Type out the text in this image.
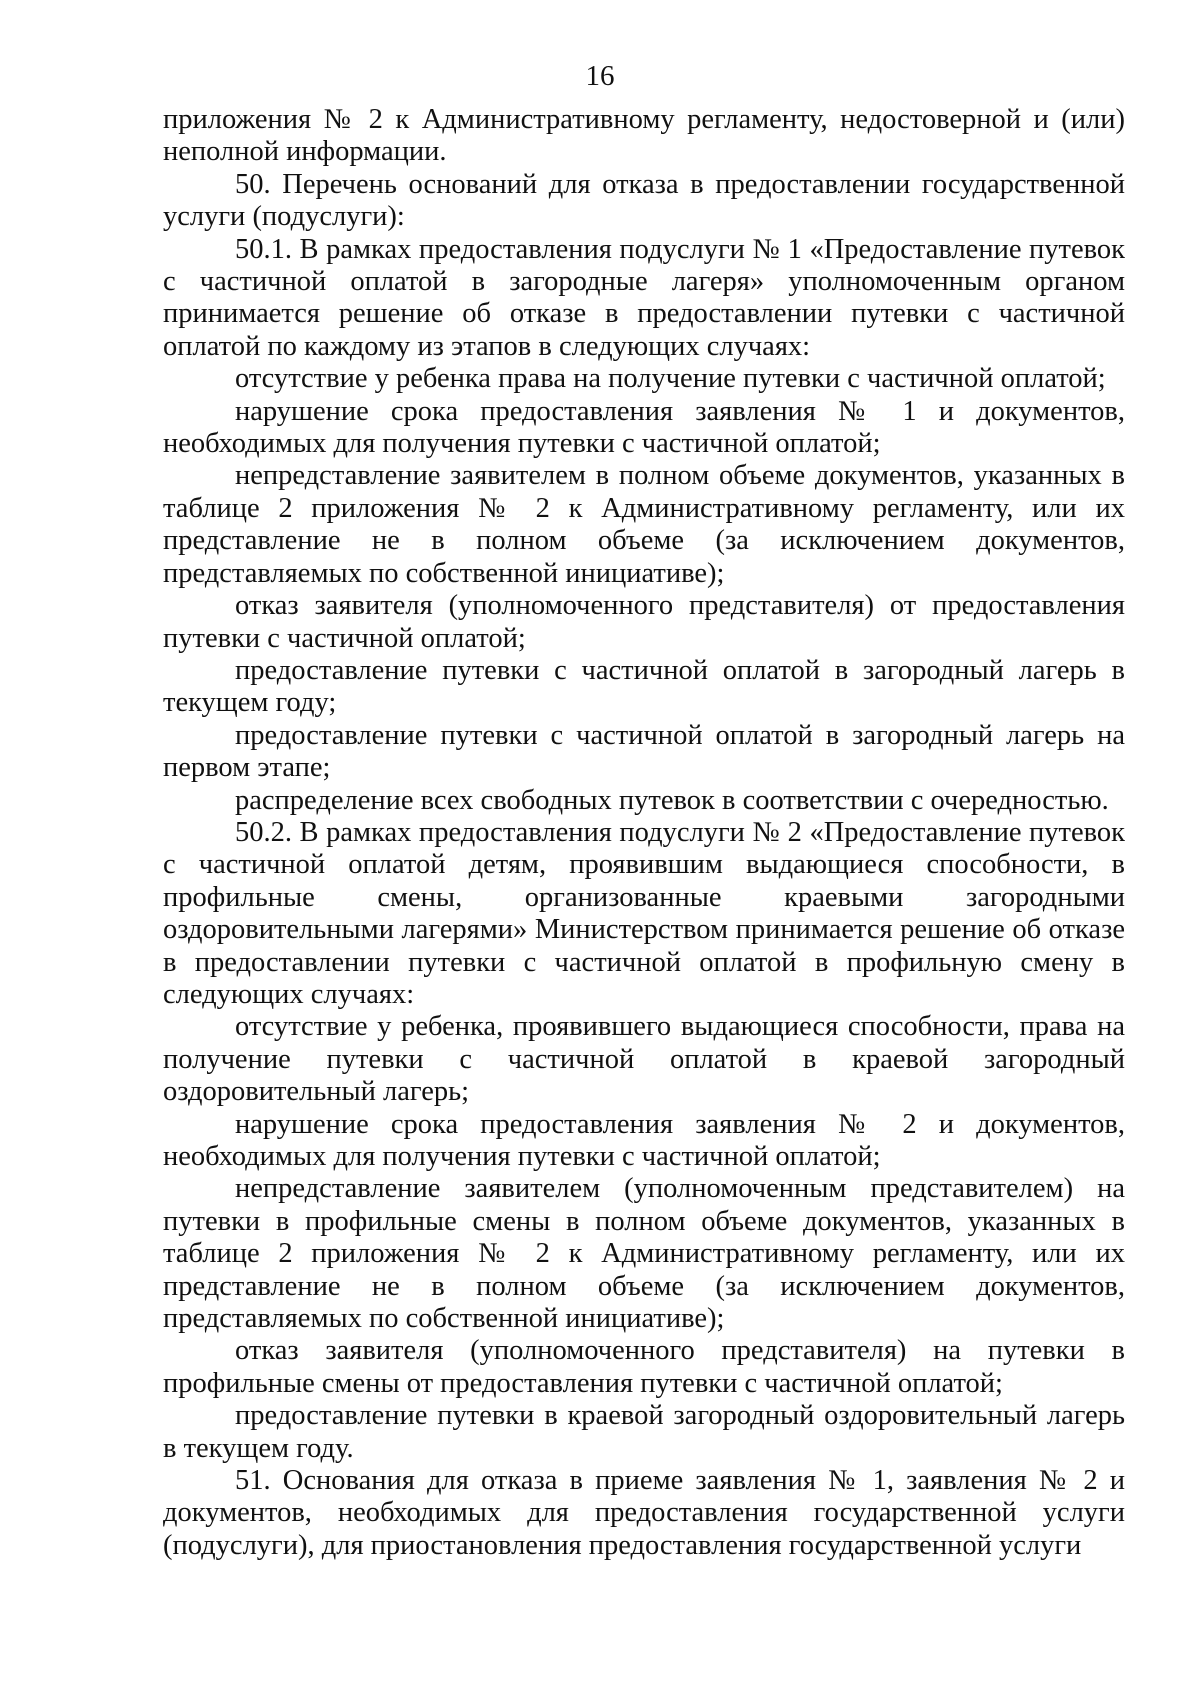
16

приложения № 2 к Административному регламенту, недостоверной и (или) неполной информации.

50. Перечень оснований для отказа в предоставлении государственной услуги (подуслуги):

50.1. В рамках предоставления подуслуги № 1 «Предоставление путевок с частичной оплатой в загородные лагеря» уполномоченным органом принимается решение об отказе в предоставлении путевки с частичной оплатой по каждому из этапов в следующих случаях:

отсутствие у ребенка права на получение путевки с частичной оплатой;

нарушение срока предоставления заявления № 1 и документов, необходимых для получения путевки с частичной оплатой;

непредставление заявителем в полном объеме документов, указанных в таблице 2 приложения № 2 к Административному регламенту, или их представление не в полном объеме (за исключением документов, представляемых по собственной инициативе);

отказ заявителя (уполномоченного представителя) от предоставления путевки с частичной оплатой;

предоставление путевки с частичной оплатой в загородный лагерь в текущем году;

предоставление путевки с частичной оплатой в загородный лагерь на первом этапе;

распределение всех свободных путевок в соответствии с очередностью.

50.2. В рамках предоставления подуслуги № 2 «Предоставление путевок с частичной оплатой детям, проявившим выдающиеся способности, в профильные смены, организованные краевыми загородными оздоровительными лагерями» Министерством принимается решение об отказе в предоставлении путевки с частичной оплатой в профильную смену в следующих случаях:

отсутствие у ребенка, проявившего выдающиеся способности, права на получение путевки с частичной оплатой в краевой загородный оздоровительный лагерь;

нарушение срока предоставления заявления № 2 и документов, необходимых для получения путевки с частичной оплатой;

непредставление заявителем (уполномоченным представителем) на путевки в профильные смены в полном объеме документов, указанных в таблице 2 приложения № 2 к Административному регламенту, или их представление не в полном объеме (за исключением документов, представляемых по собственной инициативе);

отказ заявителя (уполномоченного представителя) на путевки в профильные смены от предоставления путевки с частичной оплатой;

предоставление путевки в краевой загородный оздоровительный лагерь в текущем году.

51. Основания для отказа в приеме заявления № 1, заявления № 2 и документов, необходимых для предоставления государственной услуги (подуслуги), для приостановления предоставления государственной услуги
